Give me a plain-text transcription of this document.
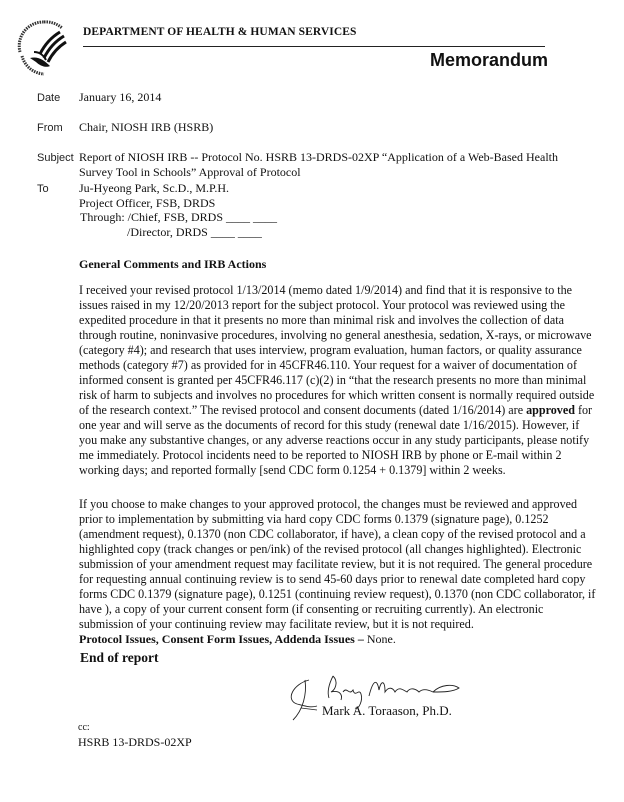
DEPARTMENT OF HEALTH & HUMAN SERVICES
Memorandum
Date January 16, 2014
From Chair, NIOSH IRB (HSRB)
Subject Report of NIOSH IRB -- Protocol No. HSRB 13-DRDS-02XP “Application of a Web-Based Health
Survey Tool in Schools” Approval of Protocol
To	Ju-Hyeong Park, Sc.D., M.P.H.
Project Officer, FSB, DRDS
Through: /Chief, FSB, DRDS ____ ____
/Director, DRDS ____ ____
General Comments and IRB Actions
I received your revised protocol 1/13/2014 (memo dated 1/9/2014) and find that it is responsive to the issues raised in my 12/20/2013 report for the subject protocol. Your protocol was reviewed using the expedited procedure in that it presents no more than minimal risk and involves the collection of data through routine, noninvasive procedures, involving no general anesthesia, sedation, X-rays, or microwave (category #4); and research that uses interview, program evaluation, human factors, or quality assurance methods (category #7) as provided for in 45CFR46.110. Your request for a waiver of documentation of informed consent is granted per 45CFR46.117 (c)(2) in “that the research presents no more than minimal risk of harm to subjects and involves no procedures for which written consent is normally required outside of the research context.” The revised protocol and consent documents (dated 1/16/2014) are approved for one year and will serve as the documents of record for this study (renewal date 1/16/2015). However, if you make any substantive changes, or any adverse reactions occur in any study participants, please notify me immediately. Protocol incidents need to be reported to NIOSH IRB by phone or E-mail within 2 working days; and reported formally [send CDC form 0.1254 + 0.1379] within 2 weeks.
If you choose to make changes to your approved protocol, the changes must be reviewed and approved prior to implementation by submitting via hard copy CDC forms 0.1379 (signature page), 0.1252 (amendment request), 0.1370 (non CDC collaborator, if have), a clean copy of the revised protocol and a highlighted copy (track changes or pen/ink) of the revised protocol (all changes highlighted). Electronic submission of your amendment request may facilitate review, but it is not required. The general procedure for requesting annual continuing review is to send 45-60 days prior to renewal date completed hard copy forms CDC 0.1379 (signature page), 0.1251 (continuing review request), 0.1370 (non CDC collaborator, if have ), a copy of your current consent form (if consenting or recruiting currently). An electronic submission of your continuing review may facilitate review, but it is not required.
Protocol Issues, Consent Form Issues, Addenda Issues – None.
End of report
Mark A. Toraason, Ph.D.
cc:
HSRB 13-DRDS-02XP
